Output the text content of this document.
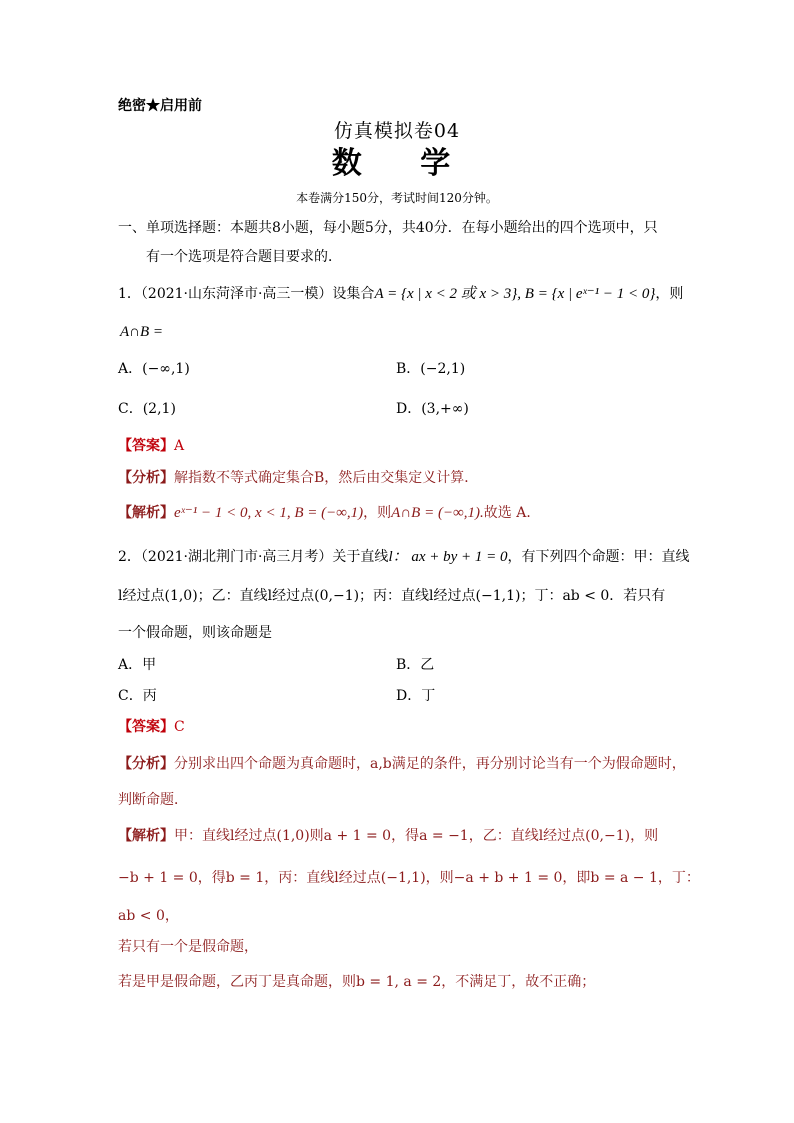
绝密★启用前
仿真模拟卷04
数 学
本卷满分150分，考试时间120分钟。
一、单项选择题：本题共8小题，每小题5分，共40分．在每小题给出的四个选项中，只
有一个选项是符合题目要求的．
1．（2021·山东菏泽市·高三一模）设集合A = {x | x < 2 或 x > 3}, B = {x | eˣ⁻¹ − 1 < 0}，则
A∩B =
A．(−∞,1)	B．(−2,1)
C．(2,1)	D．(3,+∞)
【答案】A
【分析】解指数不等式确定集合B，然后由交集定义计算．
【解析】eˣ⁻¹ − 1 < 0, x < 1, B = (−∞,1)，则A∩B = (−∞,1).故选 A．
2．（2021·湖北荆门市·高三月考）关于直线l： ax + by + 1 = 0，有下列四个命题：甲：直线
l经过点(1,0)；乙：直线l经过点(0,−1)；丙：直线l经过点(−1,1)；丁：ab < 0．若只有
一个假命题，则该命题是
A．甲	B．乙
C．丙	D．丁
【答案】C
【分析】分别求出四个命题为真命题时，a,b满足的条件，再分别讨论当有一个为假命题时，
判断命题．
【解析】甲：直线l经过点(1,0)则a + 1 = 0，得a = −1，乙：直线l经过点(0,−1)，则
−b + 1 = 0，得b = 1，丙：直线l经过点(−1,1)，则−a + b + 1 = 0，即b = a − 1，丁：
ab < 0，
若只有一个是假命题，
若是甲是假命题，乙丙丁是真命题，则b = 1, a = 2，不满足丁，故不正确；
